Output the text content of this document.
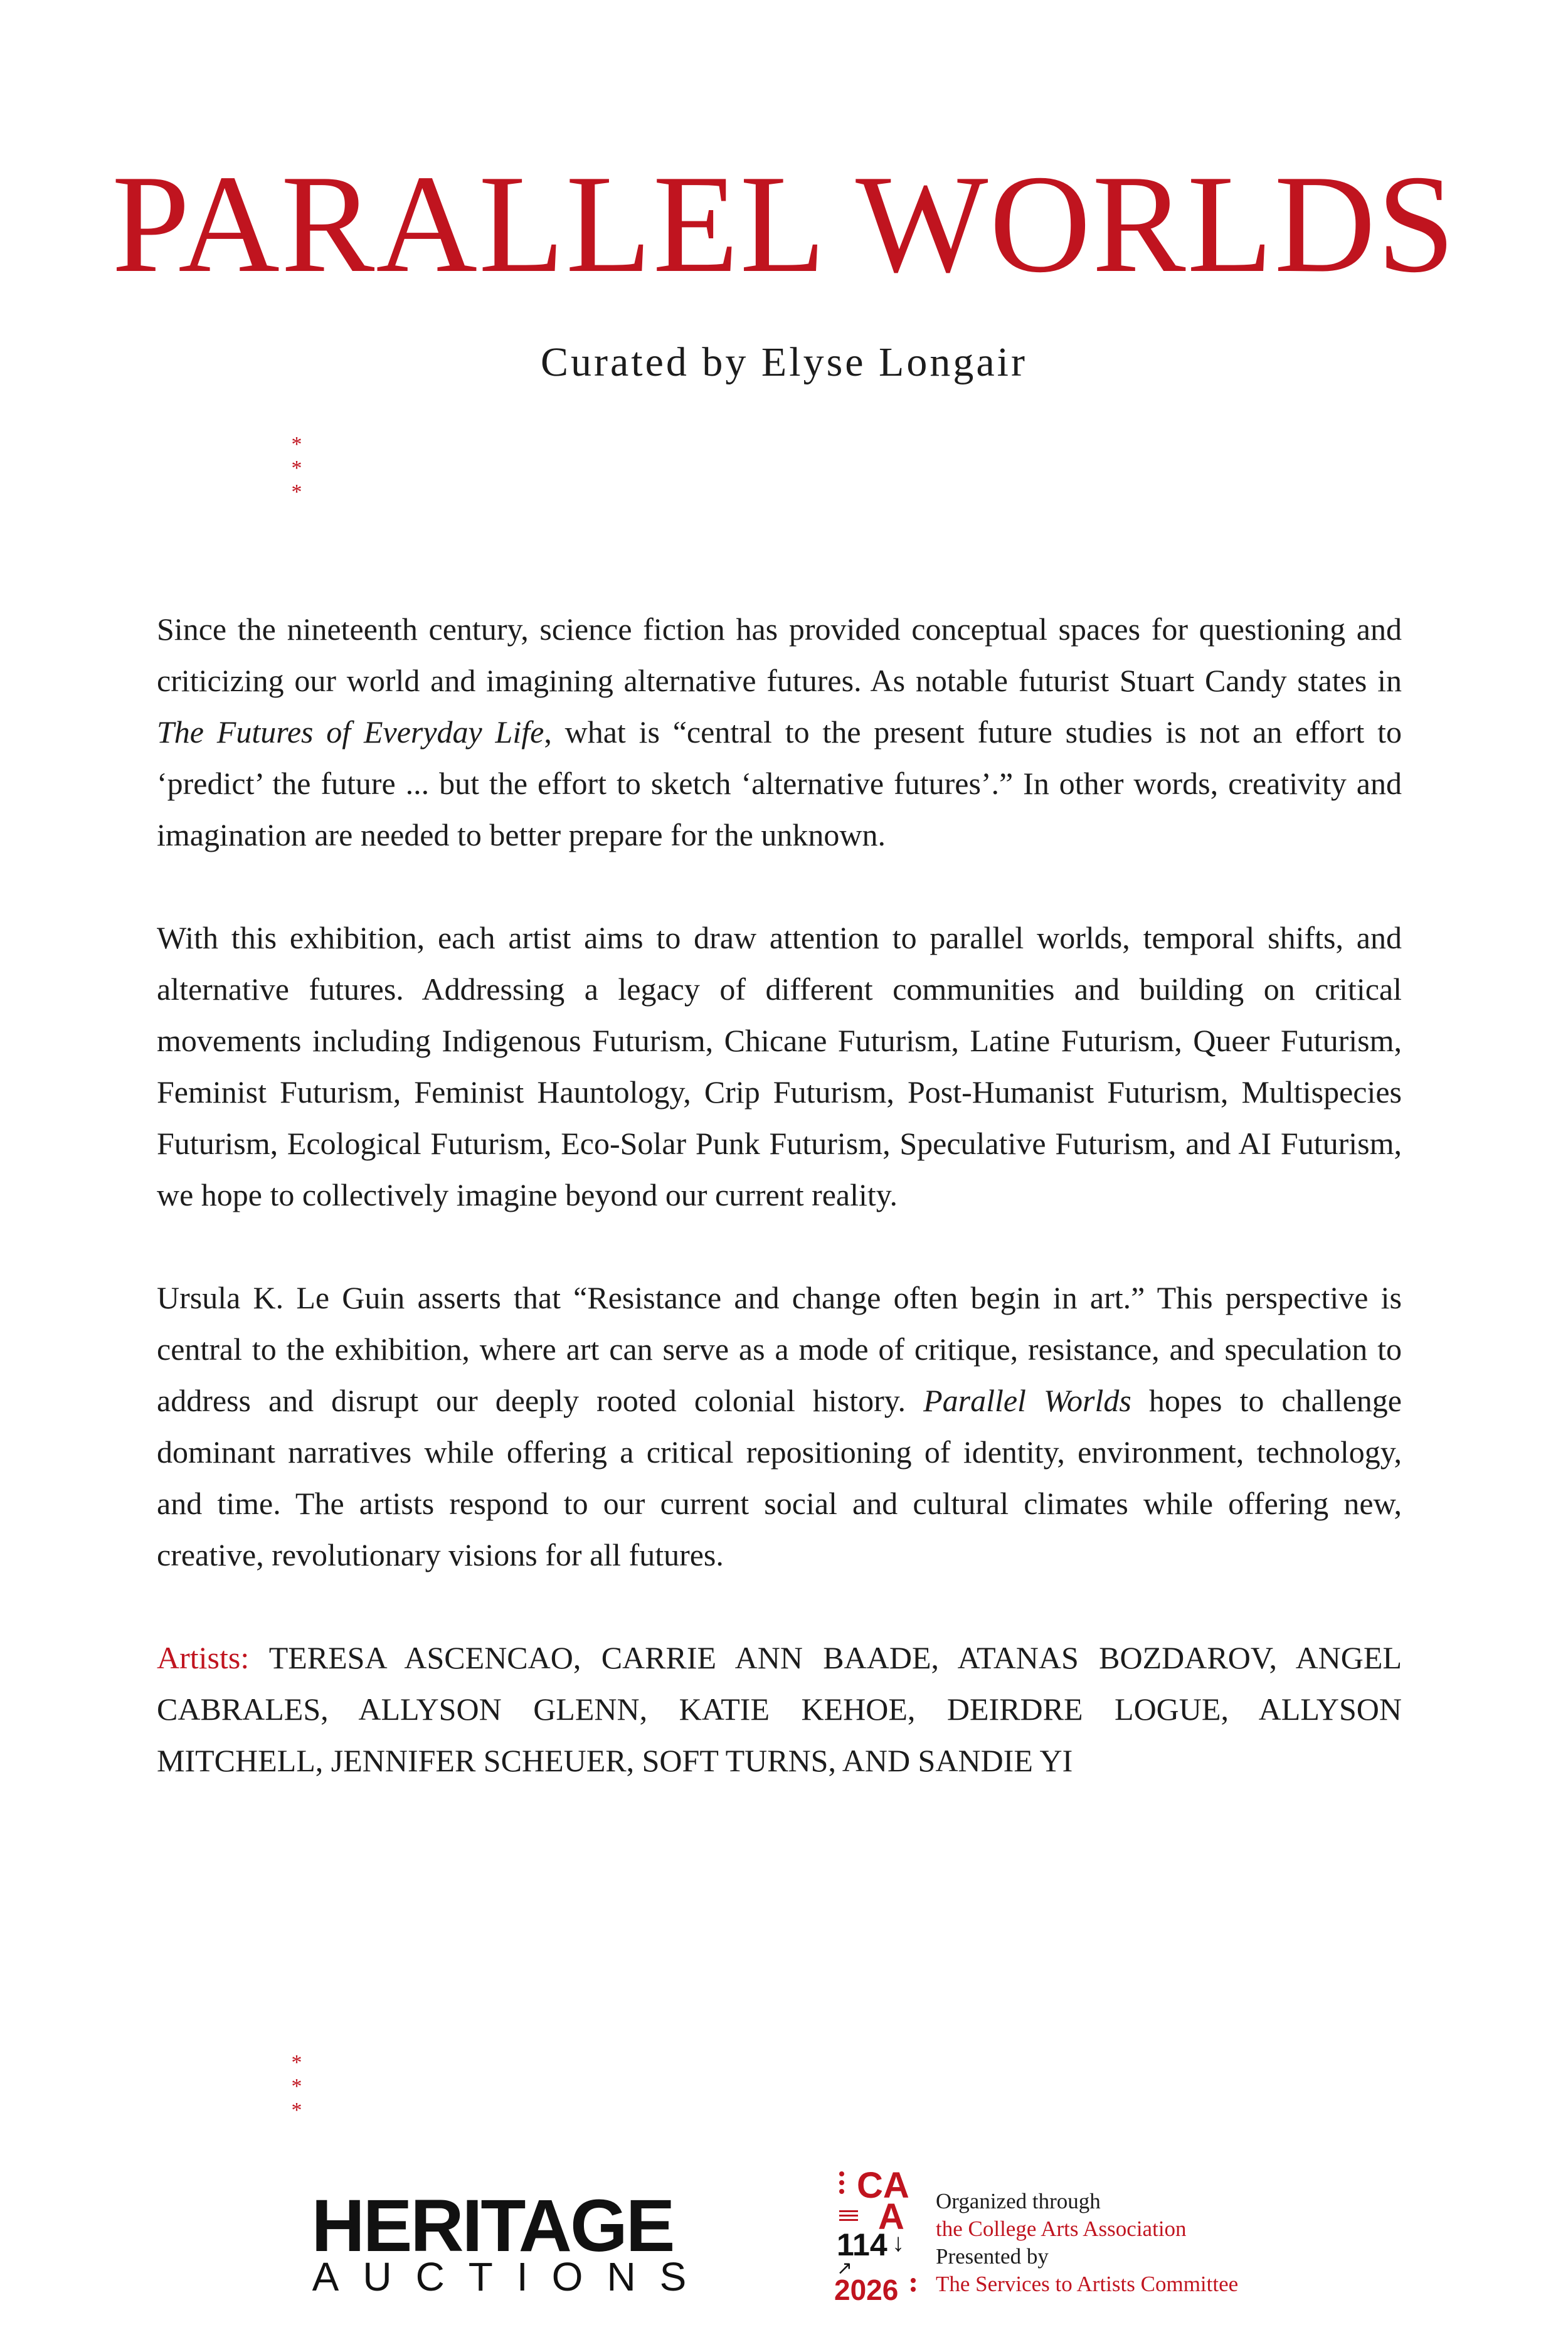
PARALLEL WORLDS
Curated by Elyse Longair
*
*
*

Since the nineteenth century, science fiction has provided conceptual spaces for questioning and criticizing our world and imagining alternative futures. As notable futurist Stuart Candy states in The Futures of Everyday Life, what is “central to the present future studies is not an effort to ‘predict’ the future ... but the effort to sketch ‘alternative futures’.” In other words, creativity and imagination are needed to better prepare for the unknown.

With this exhibition, each artist aims to draw attention to parallel worlds, temporal shifts, and alternative futures. Addressing a legacy of different communities and building on critical movements including Indigenous Futurism, Chicane Futurism, Latine Futurism, Queer Futurism, Feminist Futurism, Feminist Hauntology, Crip Futurism, Post-Humanist Futurism, Multispecies Futurism, Ecological Futurism, Eco-Solar Punk Futurism, Speculative Futurism, and AI Futurism, we hope to collectively imagine beyond our current reality.

Ursula K. Le Guin asserts that “Resistance and change often begin in art.” This perspective is central to the exhibition, where art can serve as a mode of critique, resistance, and speculation to address and disrupt our deeply rooted colonial history. Parallel Worlds hopes to challenge dominant narratives while offering a critical repositioning of identity, environment, technology, and time. The artists respond to our current social and cultural climates while offering new, creative, revolutionary visions for all futures.

Artists: TERESA ASCENCAO, CARRIE ANN BAADE, ATANAS BOZDAROV, ANGEL CABRALES, ALLYSON GLENN, KATIE KEHOE, DEIRDRE LOGUE, ALLYSON MITCHELL, JENNIFER SCHEUER, SOFT TURNS, AND SANDIE YI

*
*
*
HERITAGE
AUCTIONS
CA
A
114 ↓
↗
2026
Organized through
the College Arts Association
Presented by
The Services to Artists Committee
